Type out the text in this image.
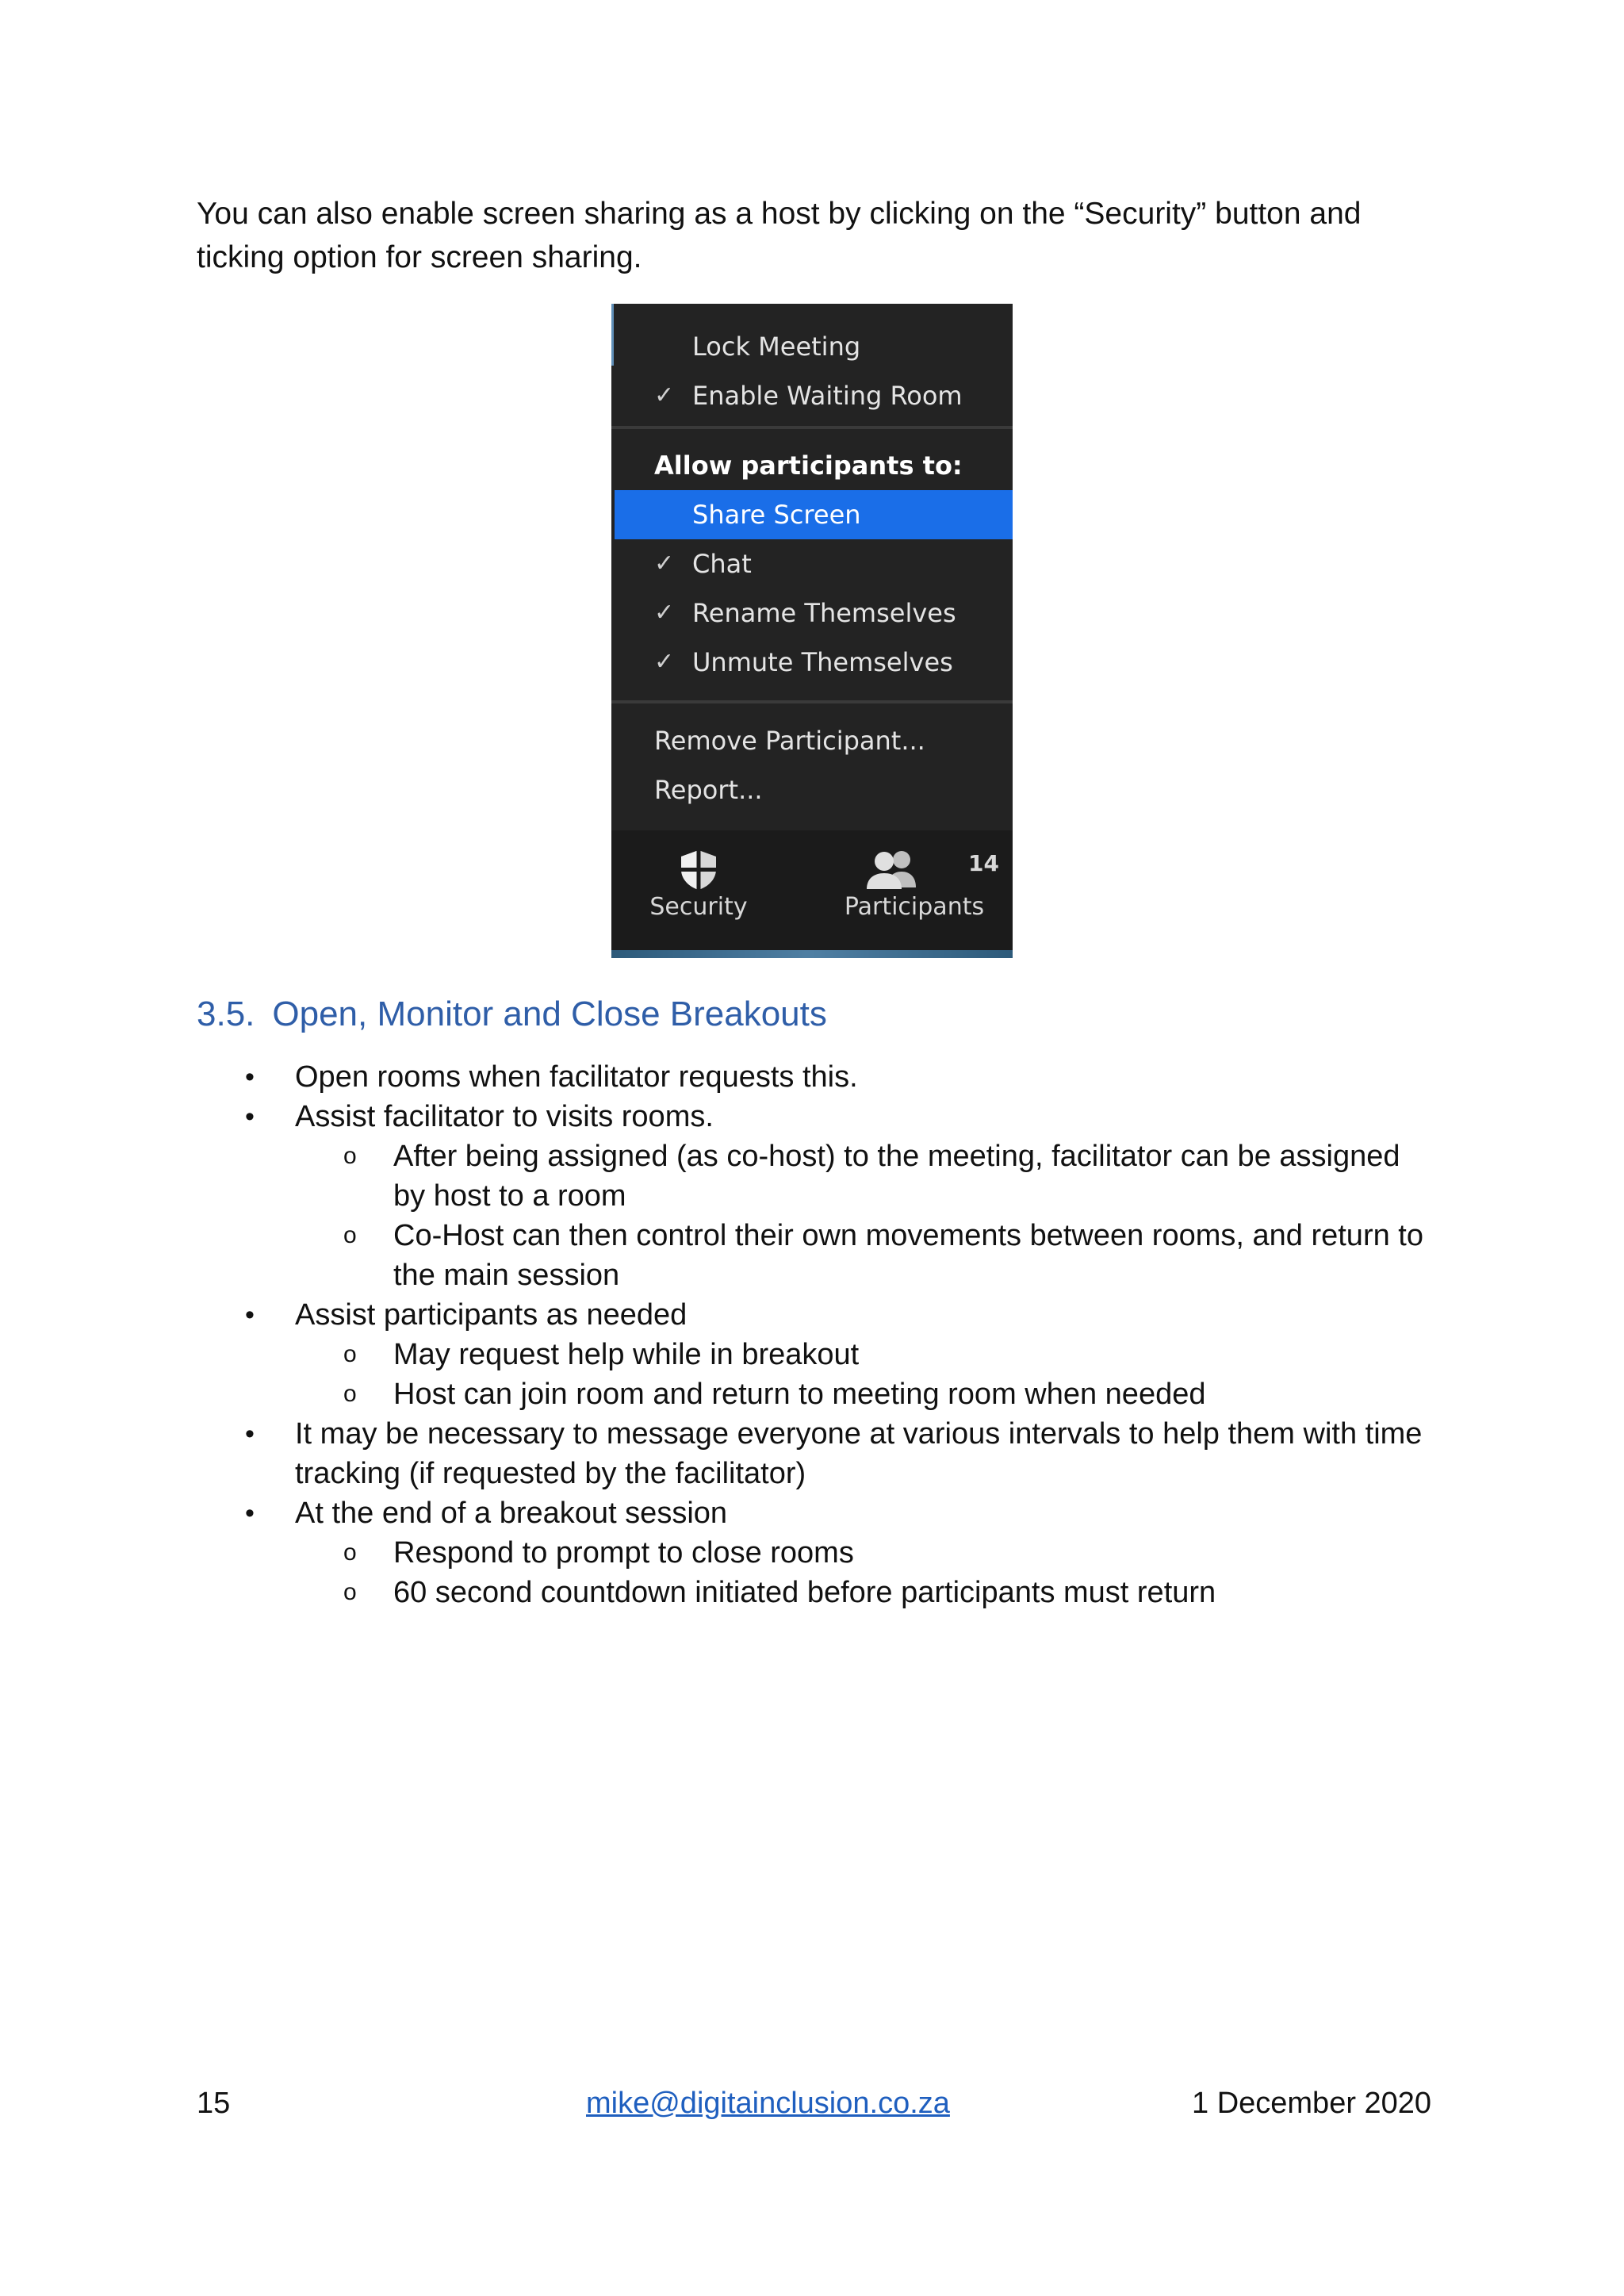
You can also enable screen sharing as a host by clicking on the “Security” button and ticking option for screen sharing.

Lock Meeting
✓ Enable Waiting Room
Allow participants to:
Share Screen
✓ Chat
✓ Rename Themselves
✓ Unmute Themselves
Remove Participant...
Report...
Security
14
Participants
3.5. Open, Monitor and Close Breakouts
• Open rooms when facilitator requests this.
• Assist facilitator to visits rooms.
o After being assigned (as co-host) to the meeting, facilitator can be assigned by host to a room
o Co-Host can then control their own movements between rooms, and return to the main session
• Assist participants as needed
o May request help while in breakout
o Host can join room and return to meeting room when needed
• It may be necessary to message everyone at various intervals to help them with time tracking (if requested by the facilitator)
• At the end of a breakout session
o Respond to prompt to close rooms
o 60 second countdown initiated before participants must return
15	mike@digitainclusion.co.za	1 December 2020
